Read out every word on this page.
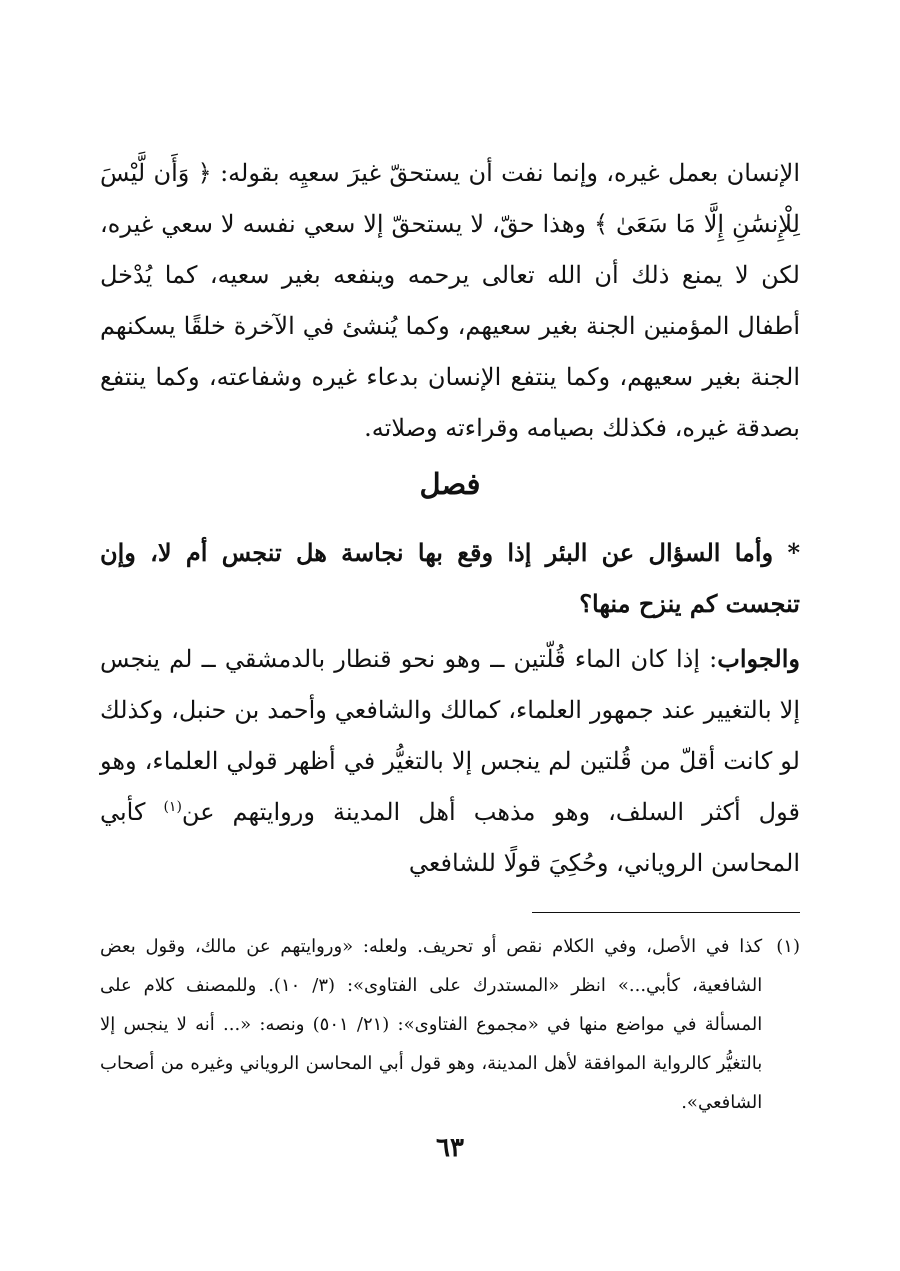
الإنسان بعمل غيره، وإنما نفت أن يستحقّ غيرَ سعيِه بقوله: ﴿ وَأَن لَّيْسَ لِلْإِنسَٰنِ إِلَّا مَا سَعَىٰ ﴾ وهذا حقّ، لا يستحقّ إلا سعي نفسه لا سعي غيره، لكن لا يمنع ذلك أن الله تعالى يرحمه وينفعه بغير سعيه، كما يُدْخل أطفال المؤمنين الجنة بغير سعيهم، وكما يُنشئ في الآخرة خلقًا يسكنهم الجنة بغير سعيهم، وكما ينتفع الإنسان بدعاء غيره وشفاعته، وكما ينتفع بصدقة غيره، فكذلك بصيامه وقراءته وصلاته.

فصل

* وأما السؤال عن البئر إذا وقع بها نجاسة هل تنجس أم لا، وإن تنجست كم ينزح منها؟

والجواب: إذا كان الماء قُلّتين ــ وهو نحو قنطار بالدمشقي ــ لم ينجس إلا بالتغيير عند جمهور العلماء، كمالك والشافعي وأحمد بن حنبل، وكذلك لو كانت أقلّ من قُلتين لم ينجس إلا بالتغيُّر في أظهر قولي العلماء، وهو قول أكثر السلف، وهو مذهب أهل المدينة وروايتهم عن$^{(١)}$ كأبي المحاسن الروياني، وحُكِيَ قولًا للشافعي

(١)
كذا في الأصل، وفي الكلام نقص أو تحريف. ولعله: «وروايتهم عن مالك، وقول بعض الشافعية، كأبي...» انظر «المستدرك على الفتاوى»: (٣/ ١٠). وللمصنف كلام على المسألة في مواضع منها في «مجموع الفتاوى»: (٢١/ ٥٠١) ونصه: «... أنه لا ينجس إلا بالتغيُّر كالرواية الموافقة لأهل المدينة، وهو قول أبي المحاسن الروياني وغيره من أصحاب الشافعي».
٦٣
